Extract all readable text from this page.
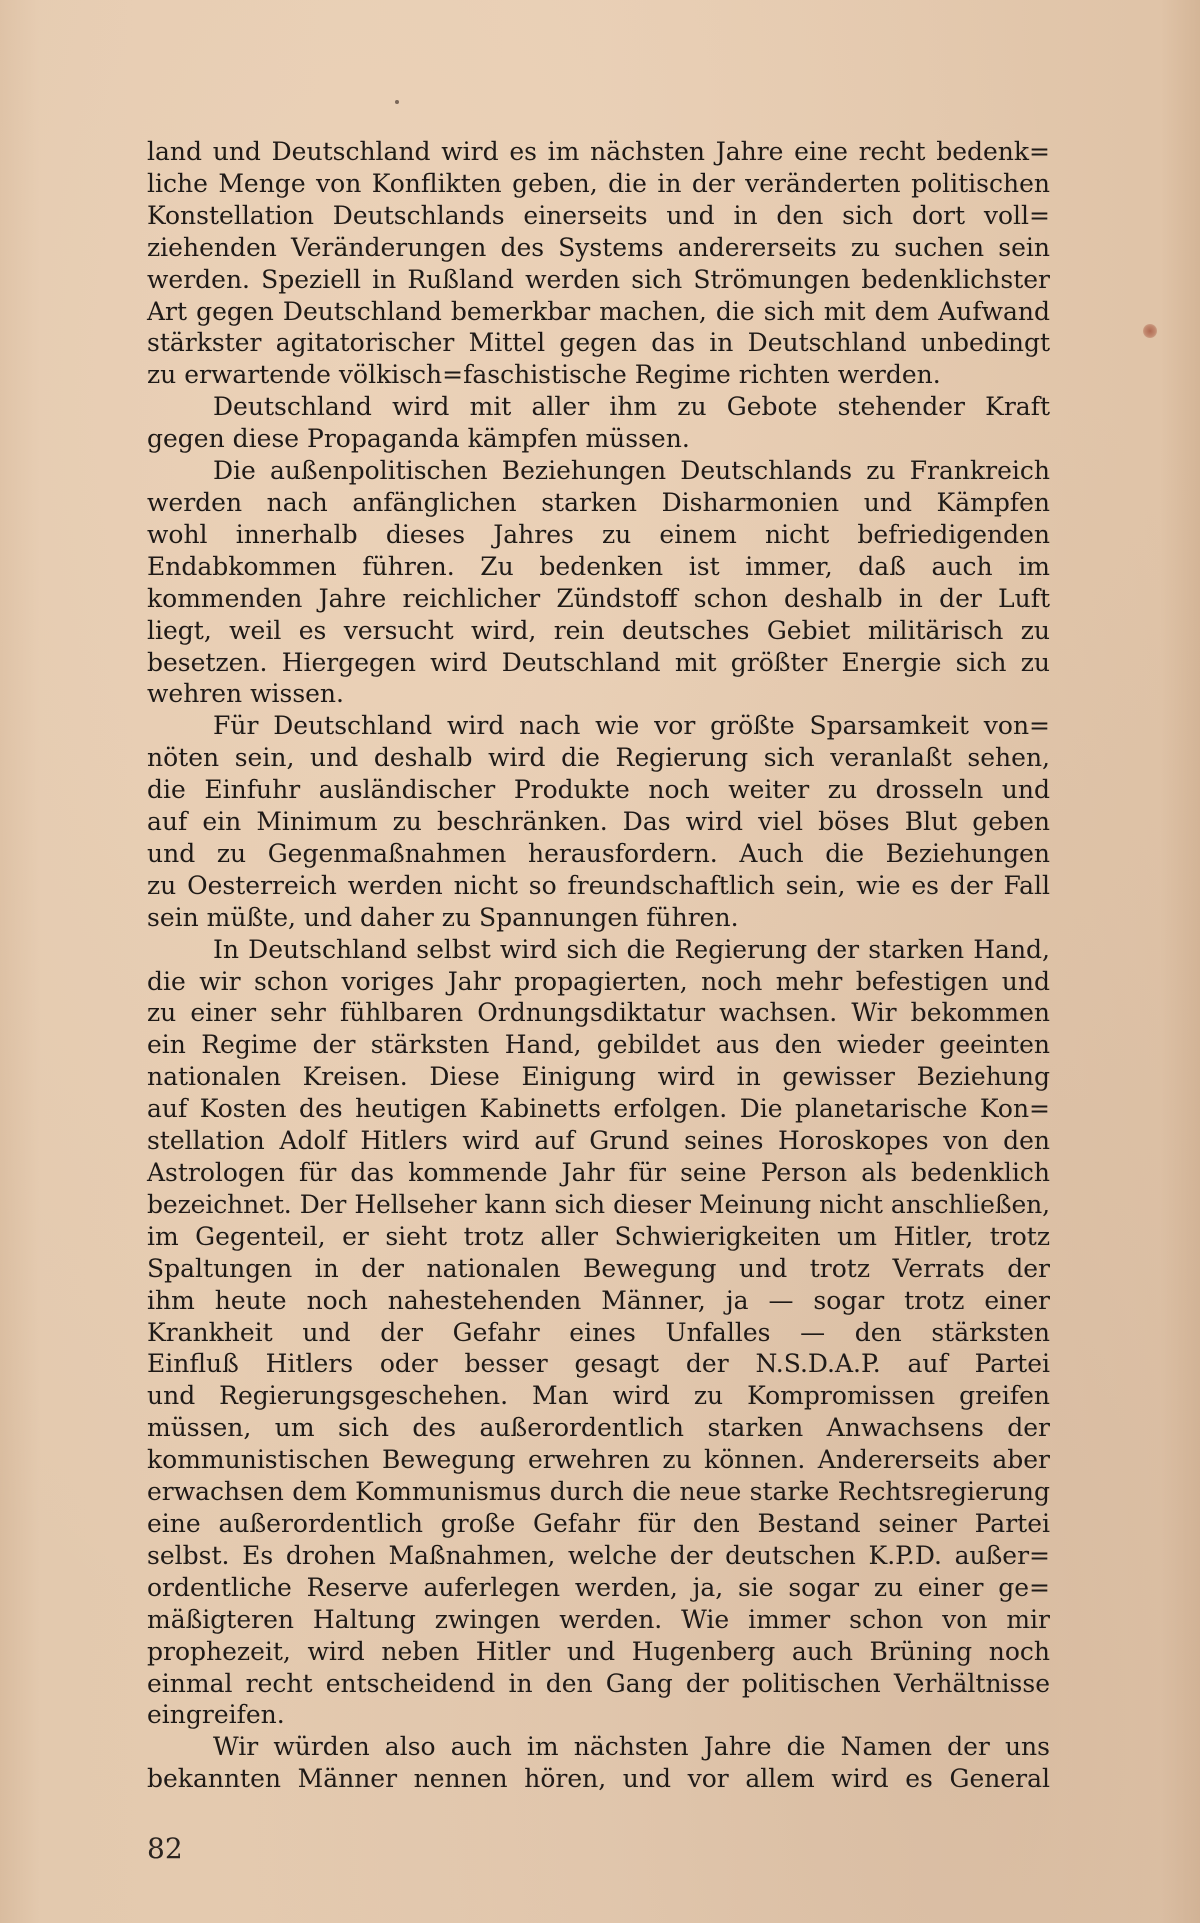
land und Deutschland wird es im nächsten Jahre eine recht bedenk=

liche Menge von Konflikten geben, die in der veränderten politischen

Konstellation Deutschlands einerseits und in den sich dort voll=

ziehenden Veränderungen des Systems andererseits zu suchen sein

werden. Speziell in Rußland werden sich Strömungen bedenklichster

Art gegen Deutschland bemerkbar machen, die sich mit dem Aufwand

stärkster agitatorischer Mittel gegen das in Deutschland unbedingt

zu erwartende völkisch=faschistische Regime richten werden.

Deutschland wird mit aller ihm zu Gebote stehender Kraft

gegen diese Propaganda kämpfen müssen.

Die außenpolitischen Beziehungen Deutschlands zu Frankreich

werden nach anfänglichen starken Disharmonien und Kämpfen

wohl innerhalb dieses Jahres zu einem nicht befriedigenden

Endabkommen führen. Zu bedenken ist immer, daß auch im

kommenden Jahre reichlicher Zündstoff schon deshalb in der Luft

liegt, weil es versucht wird, rein deutsches Gebiet militärisch zu

besetzen. Hiergegen wird Deutschland mit größter Energie sich zu

wehren wissen.

Für Deutschland wird nach wie vor größte Sparsamkeit von=

nöten sein, und deshalb wird die Regierung sich veranlaßt sehen,

die Einfuhr ausländischer Produkte noch weiter zu drosseln und

auf ein Minimum zu beschränken. Das wird viel böses Blut geben

und zu Gegenmaßnahmen herausfordern. Auch die Beziehungen

zu Oesterreich werden nicht so freundschaftlich sein, wie es der Fall

sein müßte, und daher zu Spannungen führen.

In Deutschland selbst wird sich die Regierung der starken Hand,

die wir schon voriges Jahr propagierten, noch mehr befestigen und

zu einer sehr fühlbaren Ordnungsdiktatur wachsen. Wir bekommen

ein Regime der stärksten Hand, gebildet aus den wieder geeinten

nationalen Kreisen. Diese Einigung wird in gewisser Beziehung

auf Kosten des heutigen Kabinetts erfolgen. Die planetarische Kon=

stellation Adolf Hitlers wird auf Grund seines Horoskopes von den

Astrologen für das kommende Jahr für seine Person als bedenklich

bezeichnet. Der Hellseher kann sich dieser Meinung nicht anschließen,

im Gegenteil, er sieht trotz aller Schwierigkeiten um Hitler, trotz

Spaltungen in der nationalen Bewegung und trotz Verrats der

ihm heute noch nahestehenden Männer, ja — sogar trotz einer

Krankheit und der Gefahr eines Unfalles — den stärksten

Einfluß Hitlers oder besser gesagt der N.S.D.A.P. auf Partei

und Regierungsgeschehen. Man wird zu Kompromissen greifen

müssen, um sich des außerordentlich starken Anwachsens der

kommunistischen Bewegung erwehren zu können. Andererseits aber

erwachsen dem Kommunismus durch die neue starke Rechtsregierung

eine außerordentlich große Gefahr für den Bestand seiner Partei

selbst. Es drohen Maßnahmen, welche der deutschen K.P.D. außer=

ordentliche Reserve auferlegen werden, ja, sie sogar zu einer ge=

mäßigteren Haltung zwingen werden. Wie immer schon von mir

prophezeit, wird neben Hitler und Hugenberg auch Brüning noch

einmal recht entscheidend in den Gang der politischen Verhältnisse

eingreifen.

Wir würden also auch im nächsten Jahre die Namen der uns

bekannten Männer nennen hören, und vor allem wird es General

82
